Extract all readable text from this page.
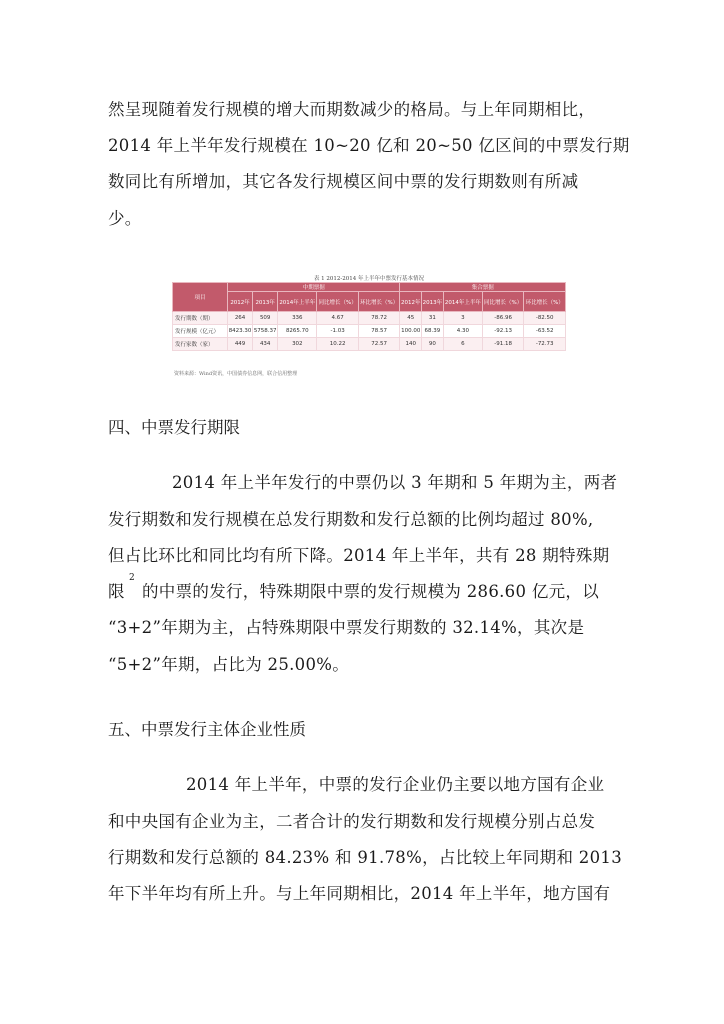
然呈现随着发行规模的增大而期数减少的格局。与上年同期相比，
2014 年上半年发行规模在 10~20 亿和 20~50 亿区间的中票发行期
数同比有所增加，其它各发行规模区间中票的发行期数则有所减
少。
表 1 2012-2014 年上半年中票发行基本情况
项目	中期票据					集合票据				
	2012年	2013年	2014年上半年	同比增长（%）	环比增长（%）	2012年	2013年	2014年上半年	同比增长（%）	环比增长（%）
发行期数（期）	264	509	336	4.67	78.72	45	31	3	-86.96	-82.50
发行规模（亿元）	8423.30	5758.37	8265.70	-1.03	78.57	100.00	68.39	4.30	-92.13	-63.52
发行家数（家）	449	434	302	10.22	72.57	140	90	6	-91.18	-72.73
资料来源：Wind资讯，中国债券信息网，联合信用整理
四、中票发行期限
2014 年上半年发行的中票仍以 3 年期和 5 年期为主，两者
发行期数和发行规模在总发行期数和发行总额的比例均超过 80%,
但占比环比和同比均有所下降。2014 年上半年，共有 28 期特殊期
限
2
的中票的发行，特殊期限中票的发行规模为 286.60 亿元，以
“3+2”年期为主，占特殊期限中票发行期数的 32.14%，其次是
“5+2”年期，占比为 25.00%。
五、中票发行主体企业性质
2014 年上半年，中票的发行企业仍主要以地方国有企业
和中央国有企业为主，二者合计的发行期数和发行规模分别占总发
行期数和发行总额的 84.23% 和 91.78%，占比较上年同期和 2013
年下半年均有所上升。与上年同期相比，2014 年上半年，地方国有
